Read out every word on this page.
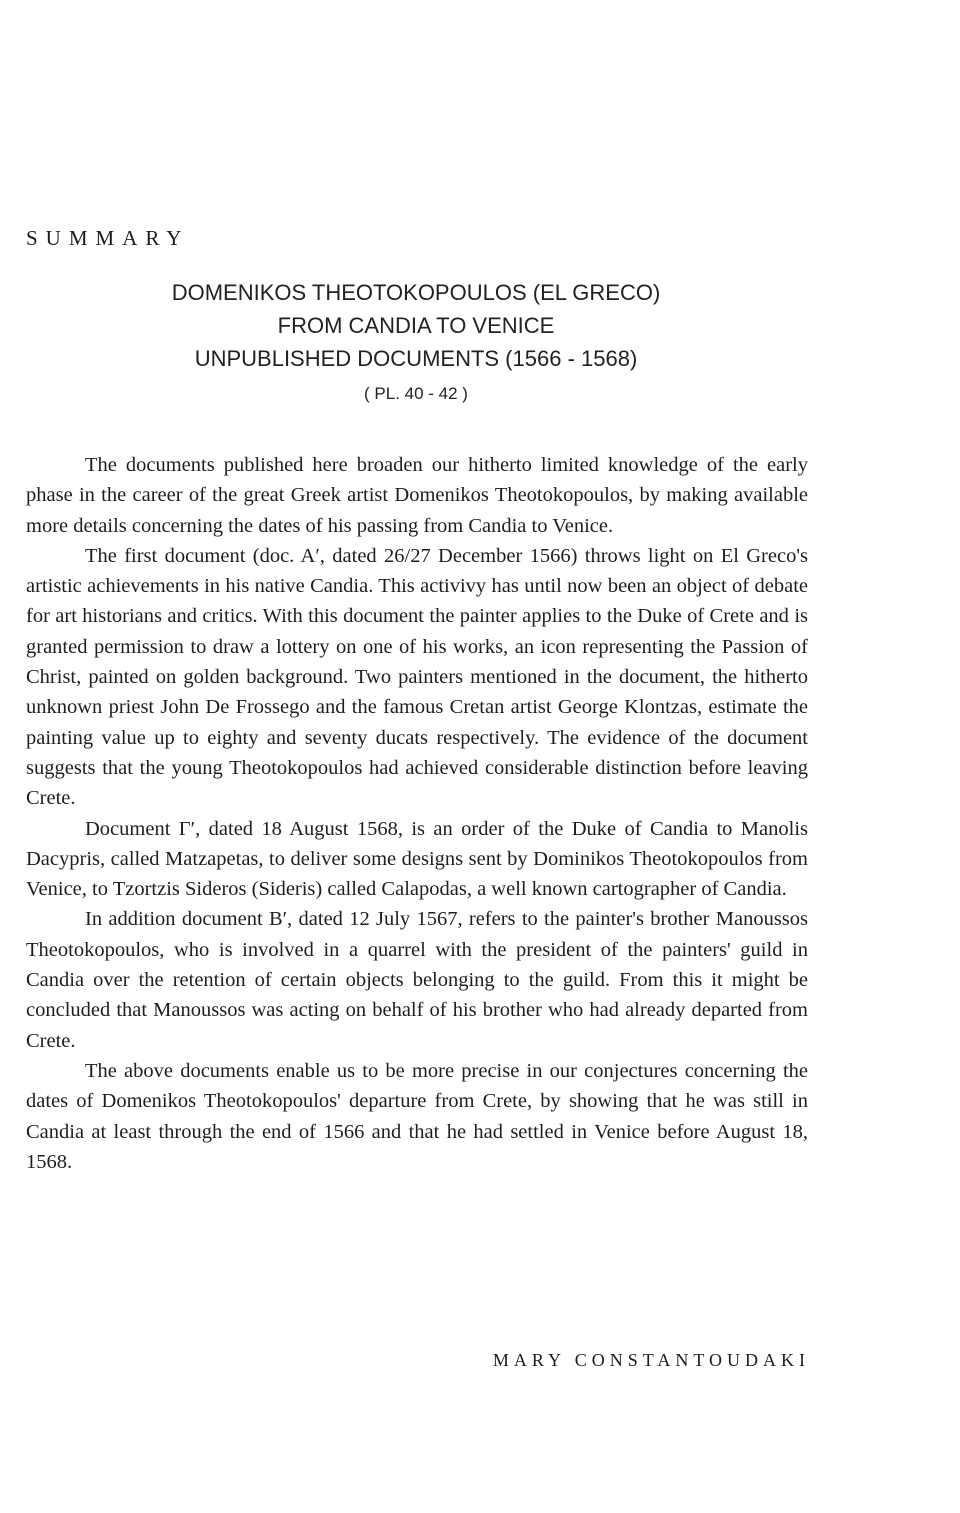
SUMMARY
DOMENIKOS THEOTOKOPOULOS (EL GRECO)
FROM CANDIA TO VENICE
UNPUBLISHED DOCUMENTS (1566 - 1568)
( PL. 40 - 42 )

The documents published here broaden our hitherto limited knowledge of the early phase in the career of the great Greek artist Domenikos Theotokopoulos, by making available more details concerning the dates of his passing from Candia to Venice.

The first document (doc. A′, dated 26/27 December 1566) throws light on El Greco's artistic achievements in his native Candia. This activivy has until now been an object of debate for art historians and critics. With this document the painter applies to the Duke of Crete and is granted permission to draw a lottery on one of his works, an icon representing the Passion of Christ, painted on golden background. Two painters mentioned in the document, the hitherto unknown priest John De Frossego and the famous Cretan artist George Klontzas, estimate the painting value up to eighty and seventy ducats respectively. The evidence of the document suggests that the young Theotokopoulos had achieved considerable distinction before leaving Crete.

Document Γ′, dated 18 August 1568, is an order of the Duke of Candia to Manolis Dacypris, called Matzapetas, to deliver some designs sent by Dominikos Theotokopoulos from Venice, to Tzortzis Sideros (Sideris) called Calapodas, a well known cartographer of Candia.

In addition document B′, dated 12 July 1567, refers to the painter's brother Manoussos Theotokopoulos, who is involved in a quarrel with the president of the painters' guild in Candia over the retention of certain objects belonging to the guild. From this it might be concluded that Manoussos was acting on behalf of his brother who had already departed from Crete.

The above documents enable us to be more precise in our conjectures concerning the dates of Domenikos Theotokopoulos' departure from Crete, by showing that he was still in Candia at least through the end of 1566 and that he had settled in Venice before August 18, 1568.

MARY CONSTANTOUDAKI
